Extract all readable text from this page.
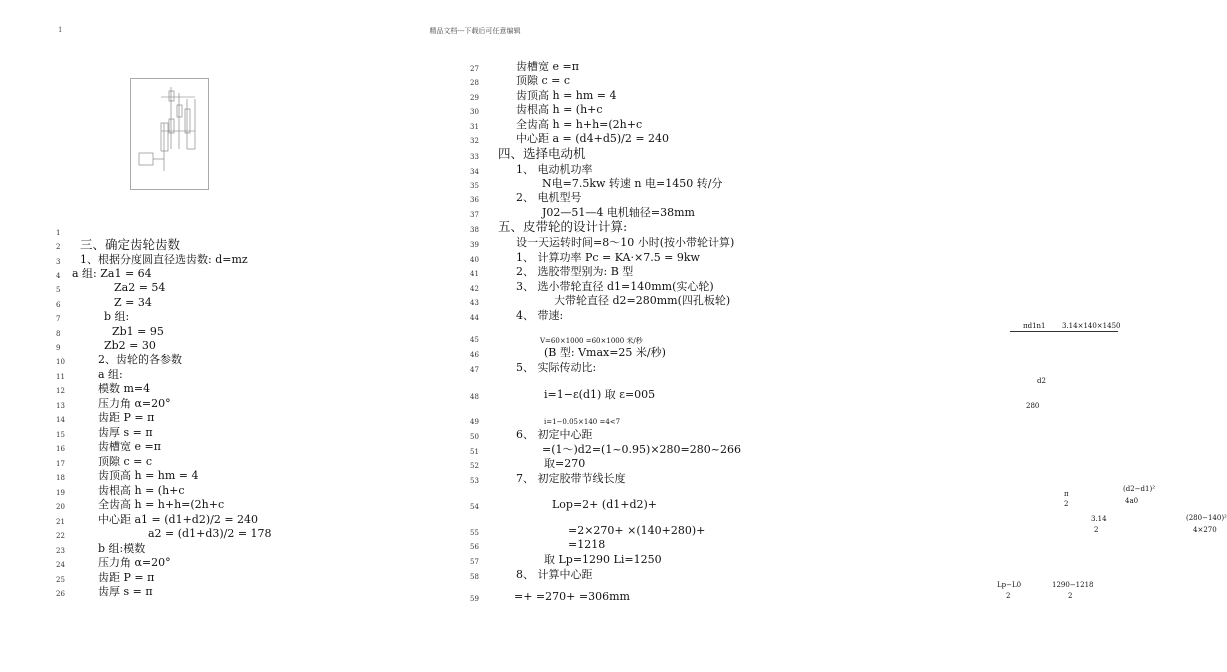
1	精品文档---下载后可任意编辑
1
2	三、确定齿轮齿数
3	1、根据分度圆直径选齿数: d=mz
4	a 组: Za1 = 64
5	Za2 = 54
6	Z = 34
7	b 组:
8	Zb1 = 95
9	Zb2 = 30
10	2、齿轮的各参数
11	a 组:
12	模数 m=4
13	压力角 α=20°
14	齿距 P = π
15	齿厚 s = π
16	齿槽宽 e =π
17	顶隙 c = c
18	齿顶高 h = hm = 4
19	齿根高 h = (h+c
20	全齿高 h = h+h=(2h+c
21	中心距 a1 = (d1+d2)/2 = 240
22	a2 = (d1+d3)/2 = 178
23	b 组:模数
24	压力角 α=20°
25	齿距 P = π
26	齿厚 s = π
27	齿槽宽 e =π
28	顶隙 c = c
29	齿顶高 h = hm = 4
30	齿根高 h = (h+c
31	全齿高 h = h+h=(2h+c
32	中心距 a = (d4+d5)/2 = 240
33	四、选择电动机
34	1、 电动机功率
35	N电=7.5kw 转速 n 电=1450 转/分
36	2、 电机型号
37	J02—51—4 电机轴径=38mm
38	五、皮带轮的设计计算:
39	设一天运转时间=8～10 小时(按小带轮计算)
40	1、 计算功率 Pc = KA·×7.5 = 9kw
41	2、 选胶带型别为: B 型
42	3、 选小带轮直径 d1=140mm(实心轮)
43	大带轮直径 d2=280mm(四孔板轮)
44	4、 带速:
45	V=60×1000 =60×1000 米/秒
πd1n1 3.14×140×1450
46	(B 型: Vmax=25 米/秒)
47	5、 实际传动比:
48	i=1−ε(d1) 取 ε=005
d2
49	i=1−0.05×140 =4<7
280
50	6、 初定中心距
51	=(1～)d2=(1~0.95)×280=280~266
52	取=270
53	7、 初定胶带节线长度
54	Lop=2+ (d1+d2)+
π
2
(d2−d1)²
4a0
55	=2×270+ ×(140+280)+
3.14
2
(280−140)²
4×270
56	=1218
57	取 Lp=1290 Li=1250
58	8、 计算中心距
59	=+ =270+ =306mm
Lp−L0
2
1290−1218
2
